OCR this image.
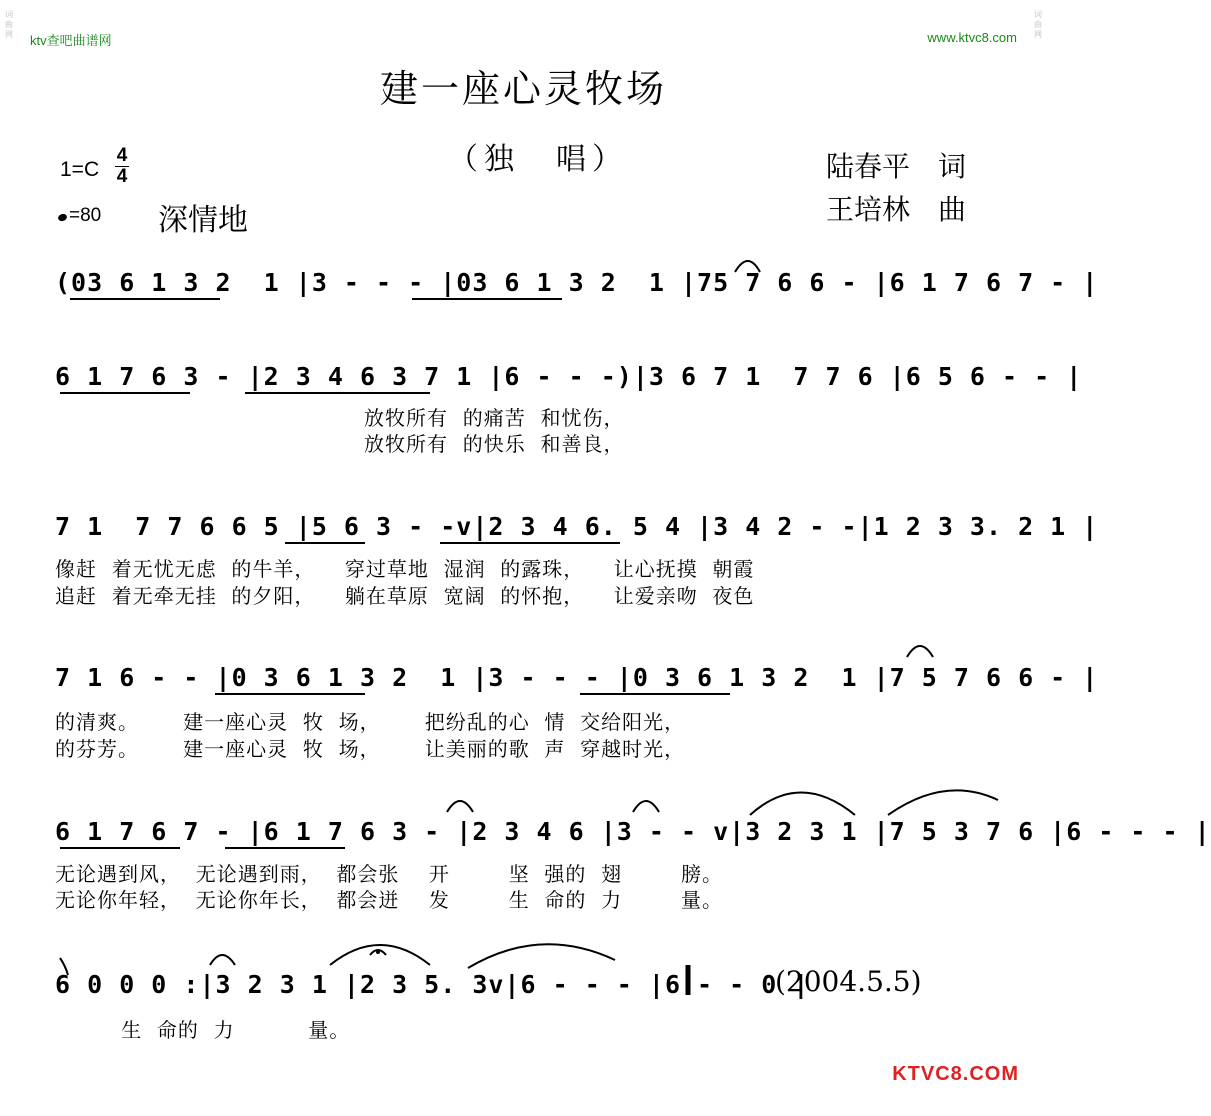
词曲网
词曲网
ktv查吧曲谱网	www.ktvc8.com
建一座心灵牧场
（独　唱）	陆春平　词
王培林　曲
1=C
4
4
=80 深情地
(03 6 1 3 2  1 |3 - - - |03 6 1 3 2  1 |75 7 6 6 - |6 1 7 6 7 - |
6 1 7 6 3 - |2 3 4 6 3 7 1 |6 - - -)|3 6 7 1  7 7 6 |6 5 6 - - |
放牧所有  的痛苦  和忧伤，
放牧所有  的快乐  和善良，
7 1  7 7 6 6 5 |5 6 3 - -v|2 3 4 6. 5 4 |3 4 2 - -|1 2 3 3. 2 1 |
像赶  着无忧无虑  的牛羊，    穿过草地  湿润  的露珠，    让心抚摸  朝霞
追赶  着无牵无挂  的夕阳，    躺在草原  宽阔  的怀抱，    让爱亲吻  夜色
7 1 6 - - |0 3 6 1 3 2  1 |3 - - - |0 3 6 1 3 2  1 |7 5 7 6 6 - |
的清爽。      建一座心灵  牧  场，      把纷乱的心  情  交给阳光，
的芬芳。      建一座心灵  牧  场，      让美丽的歌  声  穿越时光，
6 1 7 6 7 - |6 1 7 6 3 - |2 3 4 6 |3 - - v|3 2 3 1 |7 5 3 7 6 |6 - - - |
无论遇到风，  无论遇到雨，  都会张    开        坚  强的  翅        膀。
无论你年轻，  无论你年长，  都会迸    发        生  命的  力        量。
6 0 0 0 :|3 2 3 1 |2 3 5. 3v|6 - - - |6 - - 0 |
生  命的  力          量。
(2004.5.5)
KTVC8.COM
